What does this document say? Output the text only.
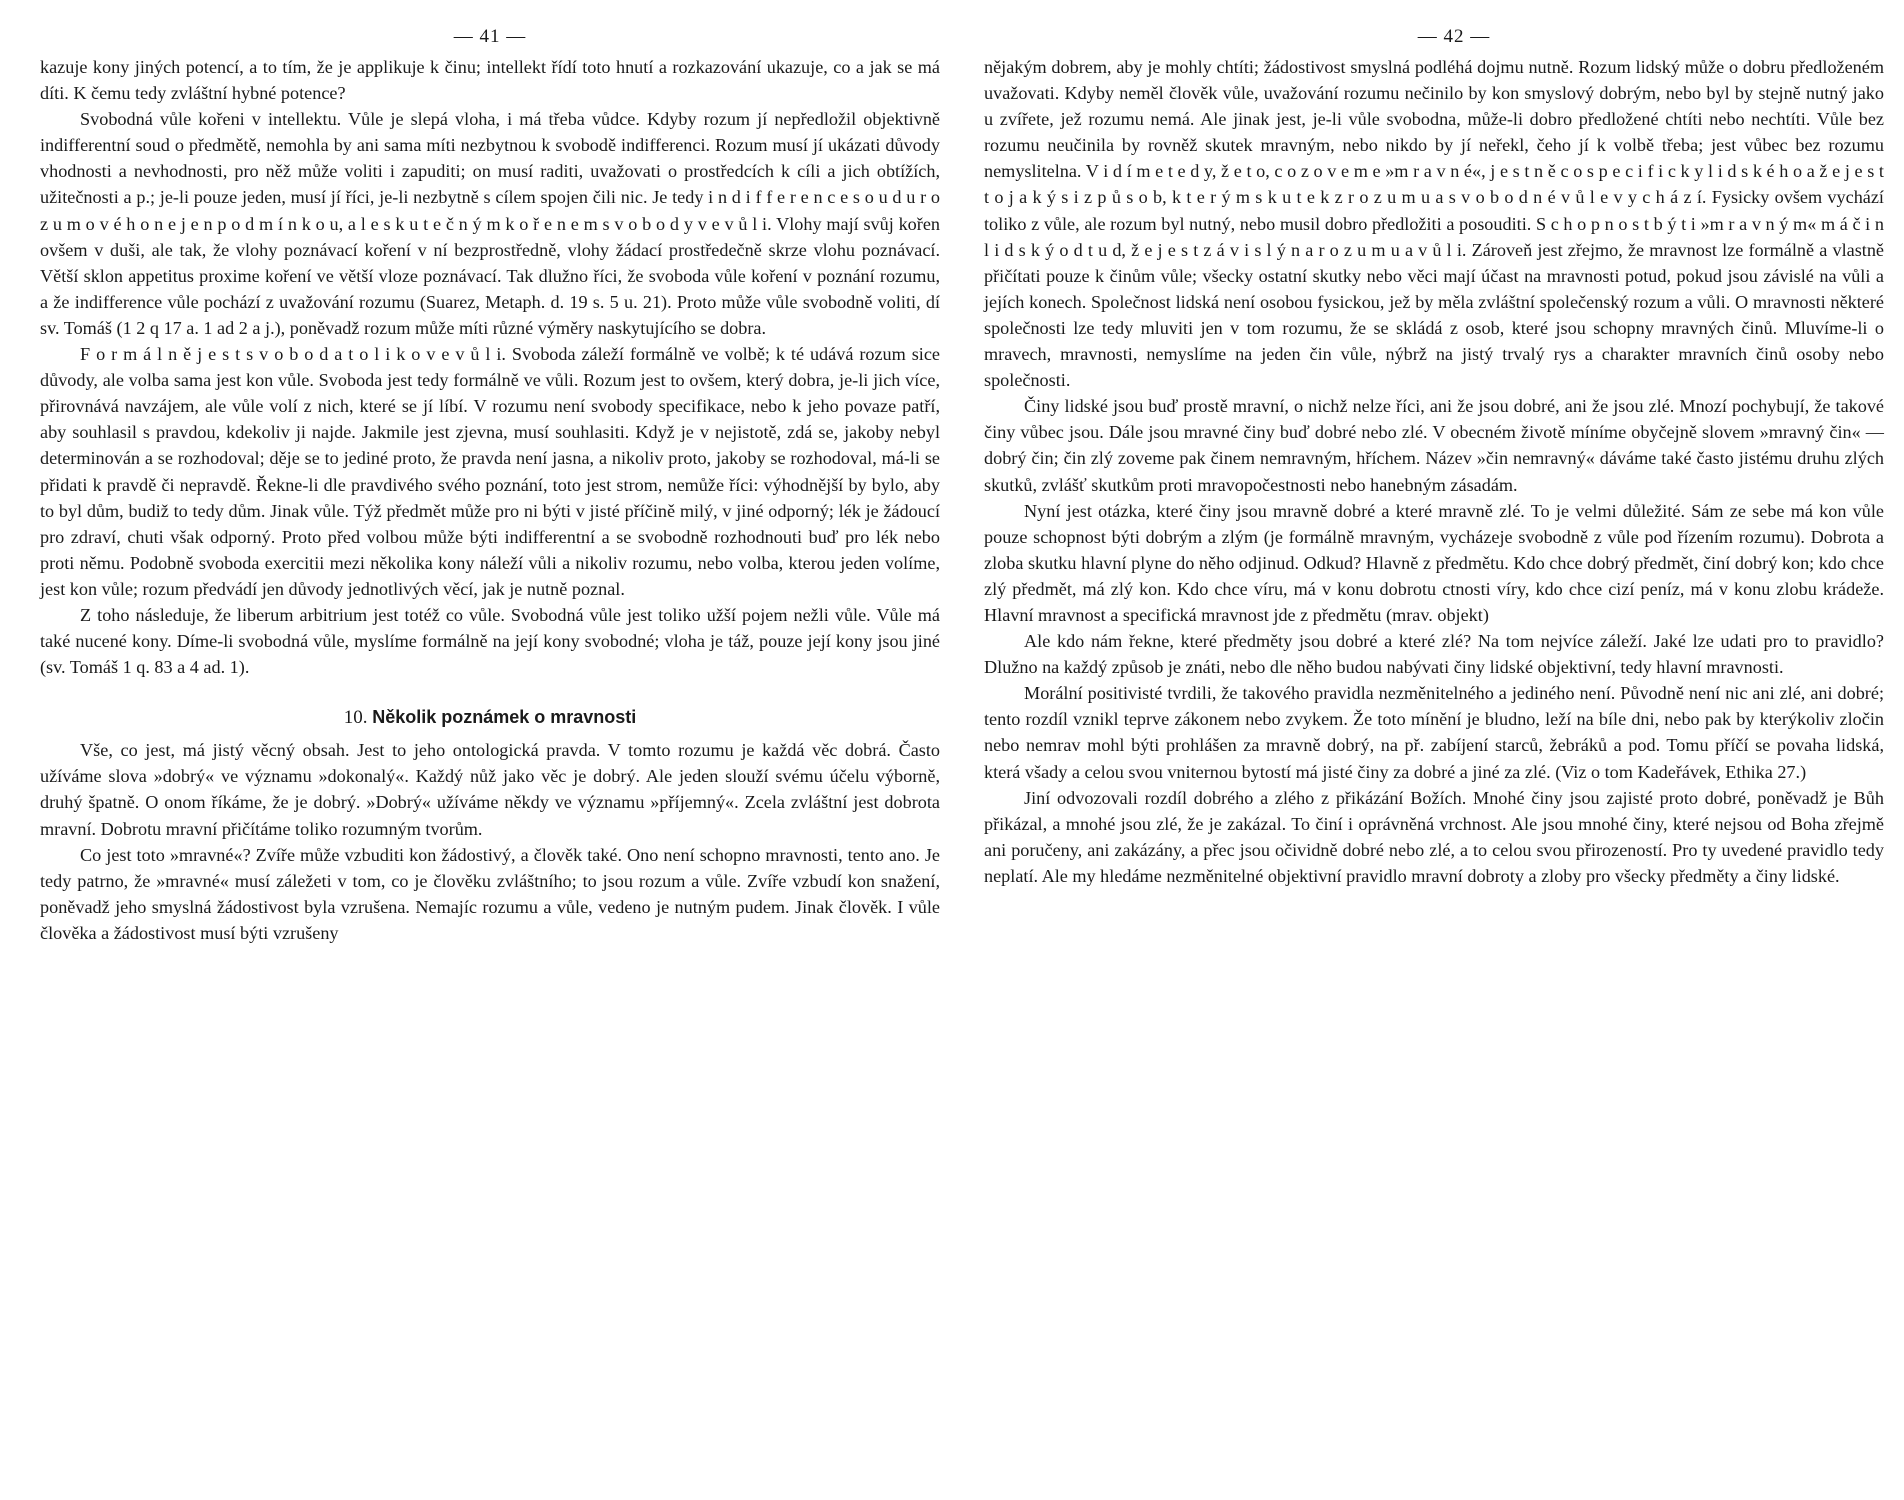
— 41 —

kazuje kony jiných potencí, a to tím, že je applikuje k činu; intellekt řídí toto hnutí a rozkazování ukazuje, co a jak se má díti. K čemu tedy zvláštní hybné potence?

Svobodná vůle kořeni v intellektu. Vůle je slepá vloha, i má třeba vůdce. Kdyby rozum jí nepředložil objektivně indifferentní soud o předmětě, nemohla by ani sama míti nezbytnou k svobodě indifferenci. Rozum musí jí ukázati důvody vhodnosti a nevhodnosti, pro něž může voliti i zapuditi; on musí raditi, uvažovati o prostředcích k cíli a jich obtížích, užitečnosti a p.; je-li pouze jeden, musí jí říci, je-li nezbytně s cílem spojen čili nic. Je tedy i n d i f f e r e n c e s o u d u r o z u m o v é h o n e j e n p o d m í n k o u, a l e s k u t e č n ý m k o ř e n e m s v o b o d y v e v ů l i. Vlohy mají svůj kořen ovšem v duši, ale tak, že vlohy poznávací koření v ní bezprostředně, vlohy žádací prostředečně skrze vlohu poznávací. Větší sklon appetitus proxime koření ve větší vloze poznávací. Tak dlužno říci, že svoboda vůle koření v poznání rozumu, a že indifference vůle pochází z uvažování rozumu (Suarez, Metaph. d. 19 s. 5 u. 21). Proto může vůle svobodně voliti, dí sv. Tomáš (1 2 q 17 a. 1 ad 2 a j.), poněvadž rozum může míti různé výměry naskytujícího se dobra.

F o r m á l n ě j e s t s v o b o d a t o l i k o v e v ů l i. Svoboda záleží formálně ve volbě; k té udává rozum sice důvody, ale volba sama jest kon vůle. Svoboda jest tedy formálně ve vůli. Rozum jest to ovšem, který dobra, je-li jich více, přirovnává navzájem, ale vůle volí z nich, které se jí líbí. V rozumu není svobody specifikace, nebo k jeho povaze patří, aby souhlasil s pravdou, kdekoliv ji najde. Jakmile jest zjevna, musí souhlasiti. Když je v nejistotě, zdá se, jakoby nebyl determinován a se rozhodoval; děje se to jediné proto, že pravda není jasna, a nikoliv proto, jakoby se rozhodoval, má-li se přidati k pravdě či nepravdě. Řekne-li dle pravdivého svého poznání, toto jest strom, nemůže říci: výhodnější by bylo, aby to byl dům, budiž to tedy dům. Jinak vůle. Týž předmět může pro ni býti v jisté příčině milý, v jiné odporný; lék je žádoucí pro zdraví, chuti však odporný. Proto před volbou může býti indifferentní a se svobodně rozhodnouti buď pro lék nebo proti němu. Podobně svoboda exercitii mezi několika kony náleží vůli a nikoliv rozumu, nebo volba, kterou jeden volíme, jest kon vůle; rozum předvádí jen důvody jednotlivých věcí, jak je nutně poznal.

Z toho následuje, že liberum arbitrium jest totéž co vůle. Svobodná vůle jest toliko užší pojem nežli vůle. Vůle má také nucené kony. Díme-li svobodná vůle, myslíme formálně na její kony svobodné; vloha je táž, pouze její kony jsou jiné (sv. Tomáš 1 q. 83 a 4 ad. 1).

10. Několik poznámek o mravnosti

Vše, co jest, má jistý věcný obsah. Jest to jeho ontologická pravda. V tomto rozumu je každá věc dobrá. Často užíváme slova »dobrý« ve významu »dokonalý«. Každý nůž jako věc je dobrý. Ale jeden slouží svému účelu výborně, druhý špatně. O onom říkáme, že je dobrý. »Dobrý« užíváme někdy ve významu »příjemný«. Zcela zvláštní jest dobrota mravní. Dobrotu mravní přičítáme toliko rozumným tvorům.

Co jest toto »mravné«? Zvíře může vzbuditi kon žádostivý, a člověk také. Ono není schopno mravnosti, tento ano. Je tedy patrno, že »mravné« musí záležeti v tom, co je člověku zvláštního; to jsou rozum a vůle. Zvíře vzbudí kon snažení, poněvadž jeho smyslná žádostivost byla vzrušena. Nemajíc rozumu a vůle, vedeno je nutným pudem. Jinak člověk. I vůle člověka a žádostivost musí býti vzrušeny

— 42 —

nějakým dobrem, aby je mohly chtíti; žádostivost smyslná podléhá dojmu nutně. Rozum lidský může o dobru předloženém uvažovati. Kdyby neměl člověk vůle, uvažování rozumu nečinilo by kon smyslový dobrým, nebo byl by stejně nutný jako u zvířete, jež rozumu nemá. Ale jinak jest, je-li vůle svobodna, může-li dobro předložené chtíti nebo nechtíti. Vůle bez rozumu neučinila by rovněž skutek mravným, nebo nikdo by jí neřekl, čeho jí k volbě třeba; jest vůbec bez rozumu nemyslitelna. V i d í m e t e d y, ž e t o, c o z o v e m e »m r a v n é«, j e s t n ě c o s p e c i f i c k y l i d s k é h o a ž e j e s t t o j a k ý s i z p ů s o b, k t e r ý m s k u t e k z r o z u m u a s v o b o d n é v ů l e v y c h á z í. Fysicky ovšem vychází toliko z vůle, ale rozum byl nutný, nebo musil dobro předložiti a posouditi. S c h o p n o s t b ý t i »m r a v n ý m« m á č i n l i d s k ý o d t u d, ž e j e s t z á v i s l ý n a r o z u m u a v ů l i. Zároveň jest zřejmo, že mravnost lze formálně a vlastně přičítati pouze k činům vůle; všecky ostatní skutky nebo věci mají účast na mravnosti potud, pokud jsou závislé na vůli a jejích konech. Společnost lidská není osobou fysickou, jež by měla zvláštní společenský rozum a vůli. O mravnosti některé společnosti lze tedy mluviti jen v tom rozumu, že se skládá z osob, které jsou schopny mravných činů. Mluvíme-li o mravech, mravnosti, nemyslíme na jeden čin vůle, nýbrž na jistý trvalý rys a charakter mravních činů osoby nebo společnosti.

Činy lidské jsou buď prostě mravní, o nichž nelze říci, ani že jsou dobré, ani že jsou zlé. Mnozí pochybují, že takové činy vůbec jsou. Dále jsou mravné činy buď dobré nebo zlé. V obecném životě míníme obyčejně slovem »mravný čin« — dobrý čin; čin zlý zoveme pak činem nemravným, hříchem. Název »čin nemravný« dáváme také často jistému druhu zlých skutků, zvlášť skutkům proti mravopočestnosti nebo hanebným zásadám.

Nyní jest otázka, které činy jsou mravně dobré a které mravně zlé. To je velmi důležité. Sám ze sebe má kon vůle pouze schopnost býti dobrým a zlým (je formálně mravným, vycházeje svobodně z vůle pod řízením rozumu). Dobrota a zloba skutku hlavní plyne do něho odjinud. Odkud? Hlavně z předmětu. Kdo chce dobrý předmět, činí dobrý kon; kdo chce zlý předmět, má zlý kon. Kdo chce víru, má v konu dobrotu ctnosti víry, kdo chce cizí peníz, má v konu zlobu krádeže. Hlavní mravnost a specifická mravnost jde z předmětu (mrav. objekt)

Ale kdo nám řekne, které předměty jsou dobré a které zlé? Na tom nejvíce záleží. Jaké lze udati pro to pravidlo? Dlužno na každý způsob je znáti, nebo dle něho budou nabývati činy lidské objektivní, tedy hlavní mravnosti.

Morální positivisté tvrdili, že takového pravidla nezměnitelného a jediného není. Původně není nic ani zlé, ani dobré; tento rozdíl vznikl teprve zákonem nebo zvykem. Že toto mínění je bludno, leží na bíle dni, nebo pak by kterýkoliv zločin nebo nemrav mohl býti prohlášen za mravně dobrý, na př. zabíjení starců, žebráků a pod. Tomu příčí se povaha lidská, která všady a celou svou vniternou bytostí má jisté činy za dobré a jiné za zlé. (Viz o tom Kadeřávek, Ethika 27.)

Jiní odvozovali rozdíl dobrého a zlého z přikázání Božích. Mnohé činy jsou zajisté proto dobré, poněvadž je Bůh přikázal, a mnohé jsou zlé, že je zakázal. To činí i oprávněná vrchnost. Ale jsou mnohé činy, které nejsou od Boha zřejmě ani poručeny, ani zakázány, a přec jsou očividně dobré nebo zlé, a to celou svou přirozeností. Pro ty uvedené pravidlo tedy neplatí. Ale my hledáme nezměnitelné objektivní pravidlo mravní dobroty a zloby pro všecky předměty a činy lidské.
